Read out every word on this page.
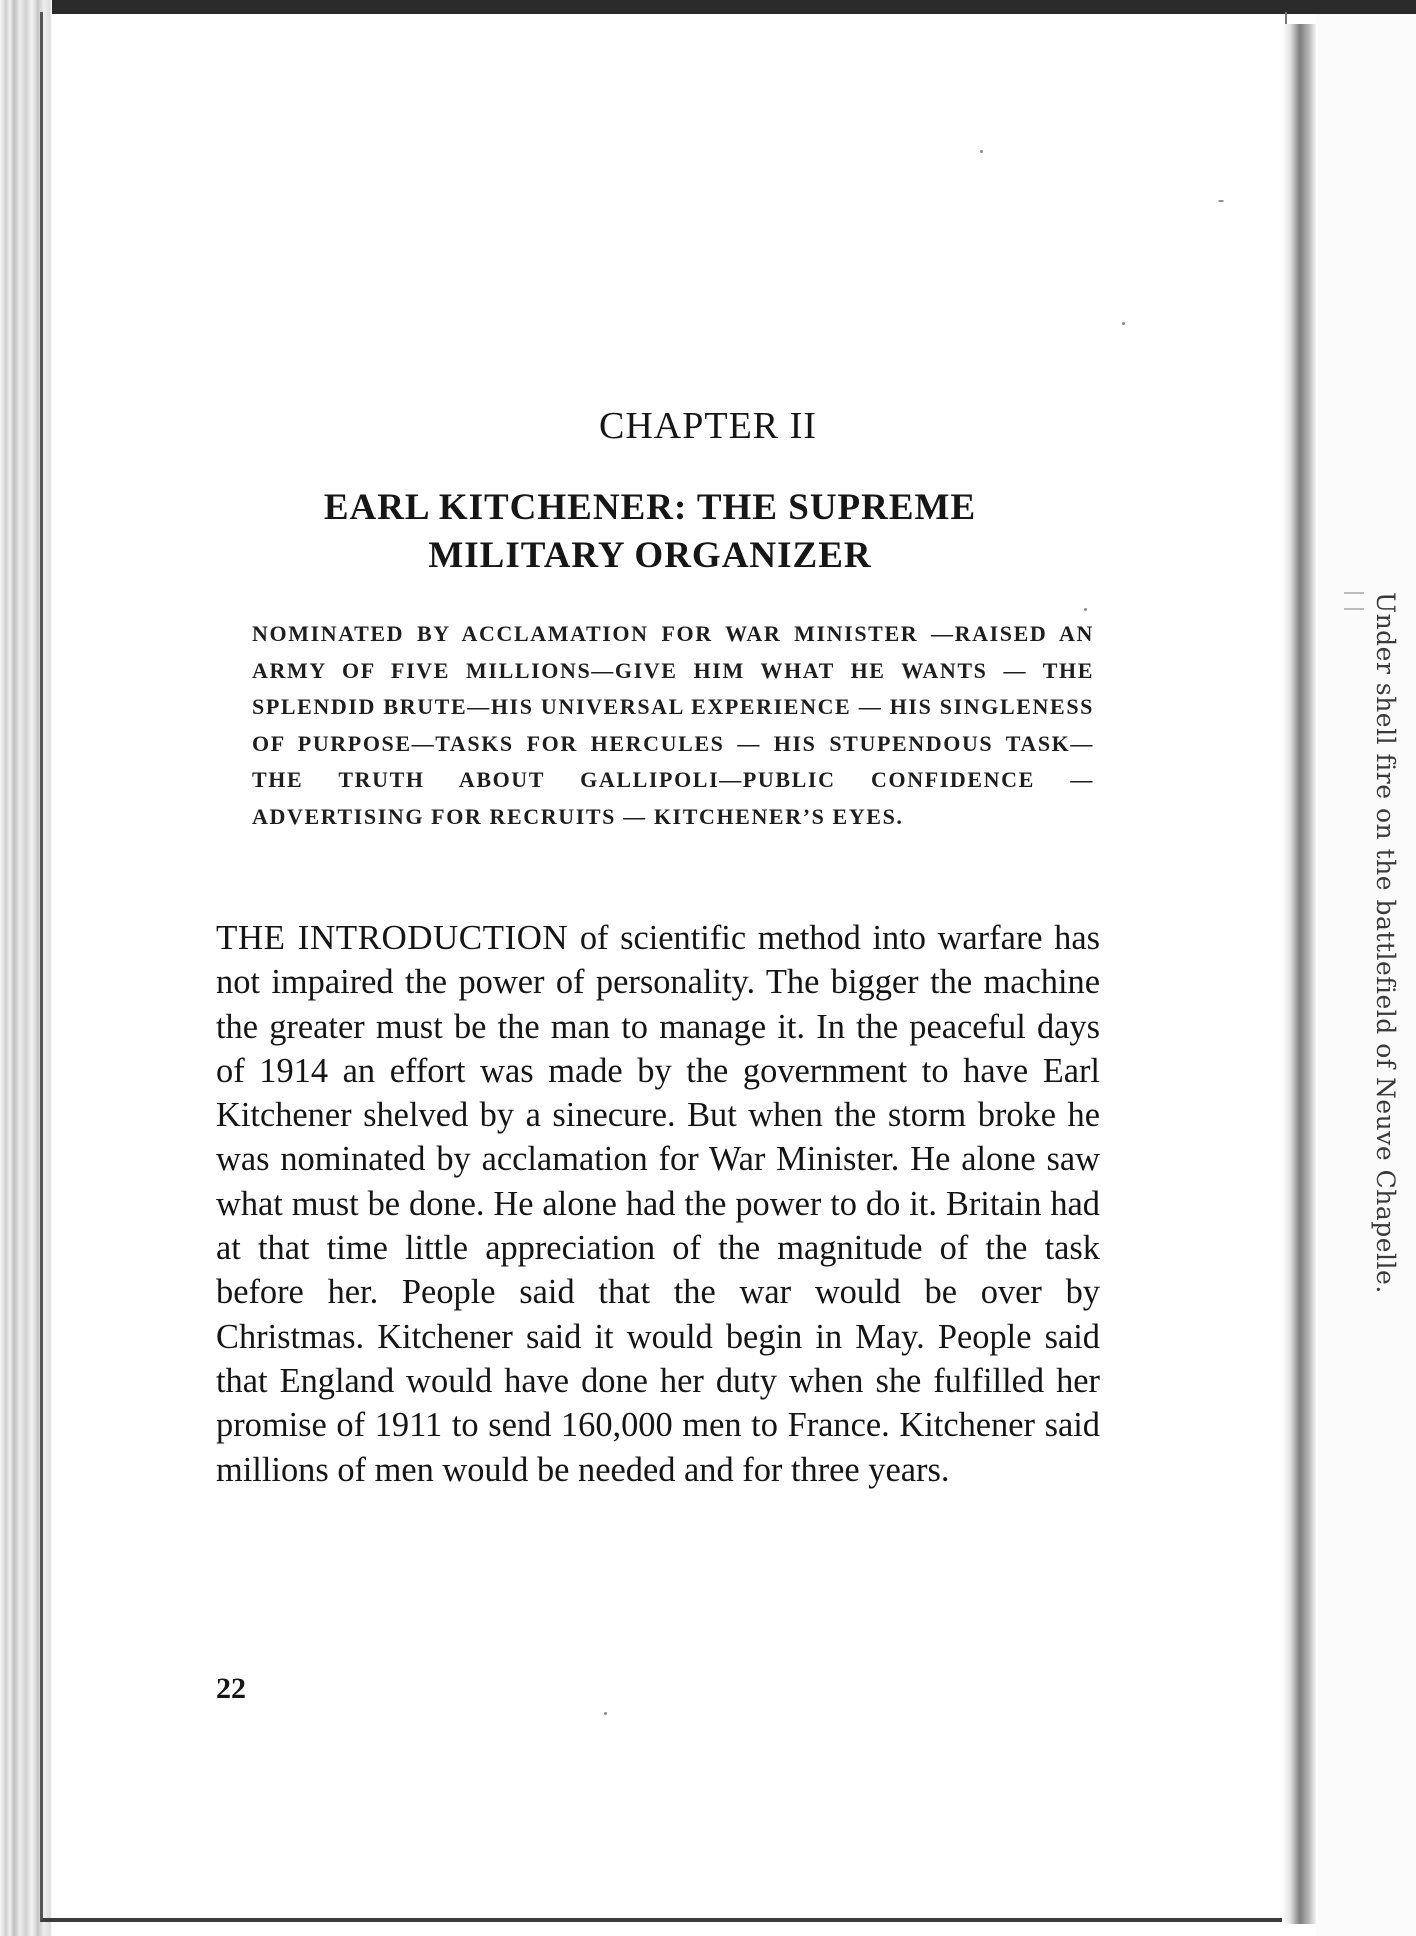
Under shell fire on the battlefield of Neuve Chapelle.
CHAPTER II
EARL KITCHENER: THE SUPREME
MILITARY ORGANIZER
NOMINATED BY ACCLAMATION FOR WAR MINISTER —RAISED AN ARMY OF FIVE MILLIONS—GIVE HIM WHAT HE WANTS — THE SPLENDID BRUTE—HIS UNIVERSAL EXPERIENCE — HIS SINGLENESS OF PURPOSE—TASKS FOR HERCULES — HIS STUPENDOUS TASK—THE TRUTH ABOUT GALLIPOLI—PUBLIC CONFIDENCE — ADVERTISING FOR RECRUITS — KITCHENER’S EYES.
THE INTRODUCTION of scientific method into warfare has not impaired the power of personality. The bigger the machine the greater must be the man to manage it. In the peaceful days of 1914 an effort was made by the government to have Earl Kitchener shelved by a sinecure. But when the storm broke he was nominated by acclamation for War Minister. He alone saw what must be done. He alone had the power to do it. Britain had at that time little appreciation of the magnitude of the task before her. People said that the war would be over by Christmas. Kitchener said it would begin in May. People said that England would have done her duty when she fulfilled her promise of 1911 to send 160,000 men to France. Kitchener said millions of men would be needed and for three years.
22
